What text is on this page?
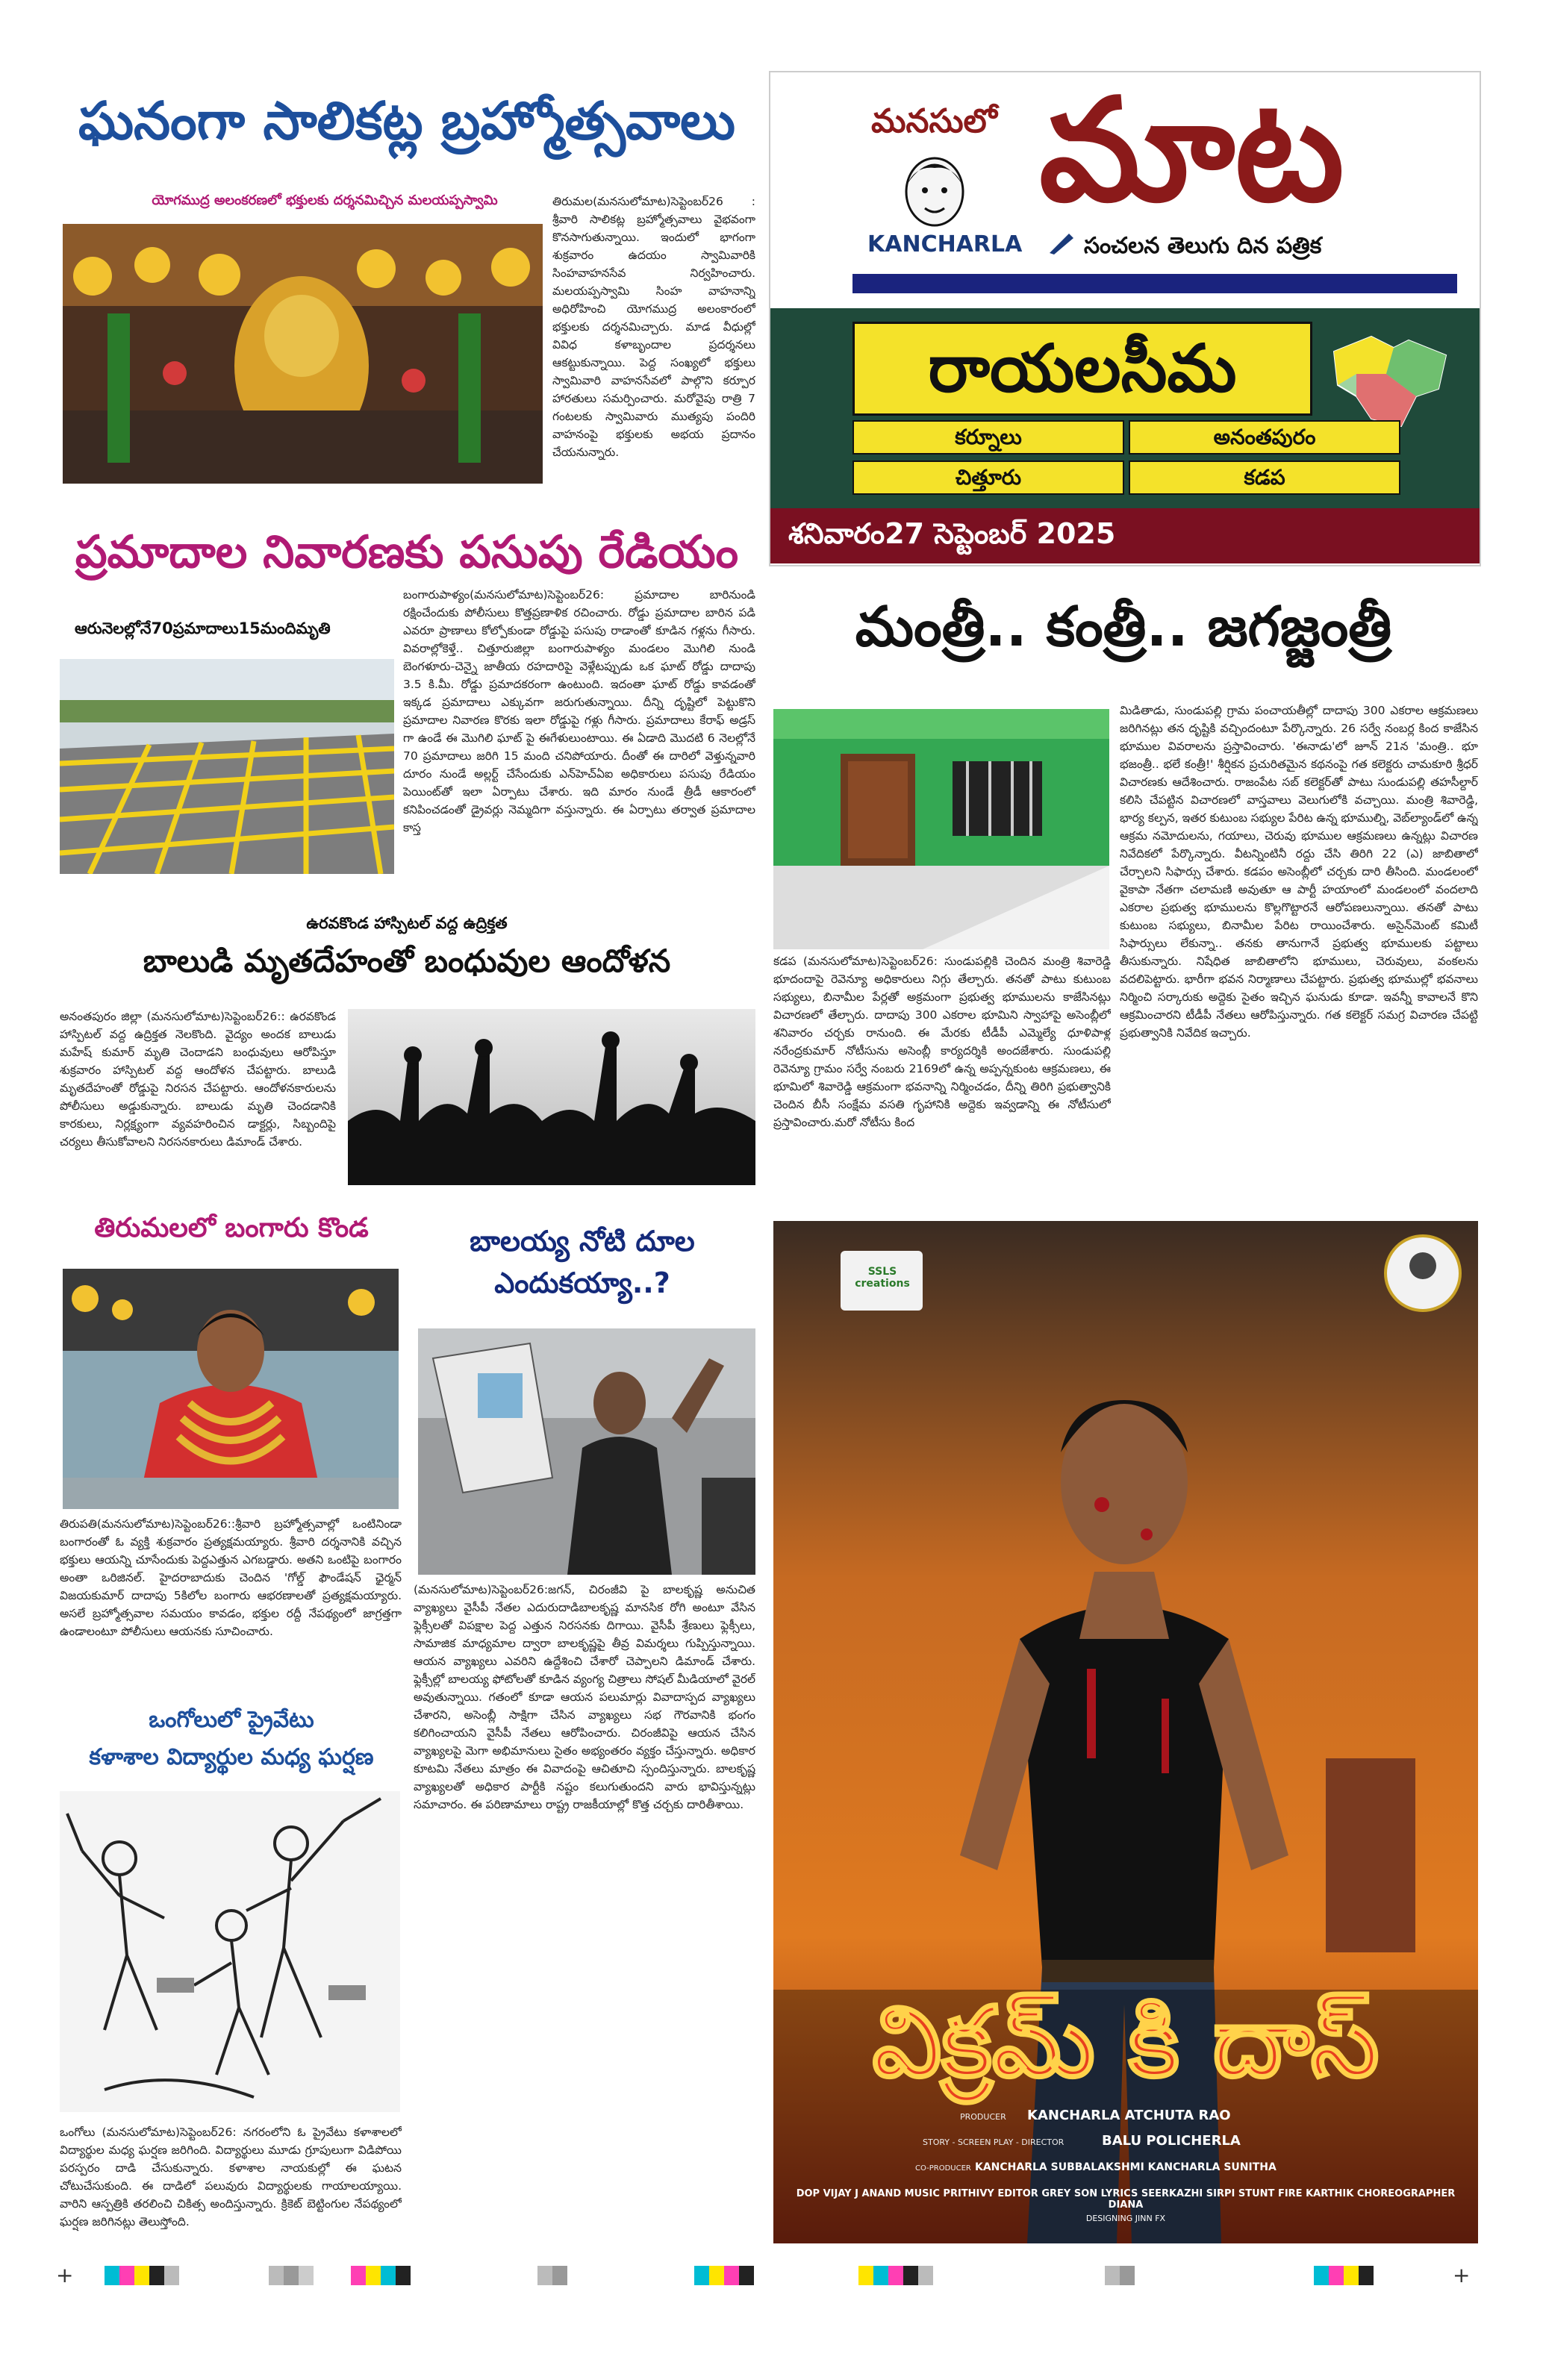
ఘనంగా సాలికట్ల బ్రహ్మోత్సవాలు
యోగముద్ర అలంకరణలో భక్తులకు దర్శనమిచ్చిన మలయప్పస్వామి	తిరుమల(మనసులోమాట)సెప్టెంబర్26 : శ్రీవారి సాలికట్ల బ్రహ్మోత్సవాలు వైభవంగా కొనసాగుతున్నాయి. ఇందులో భాగంగా శుక్రవారం ఉదయం స్వామివారికి సింహవాహనసేవ నిర్వహించారు. మలయప్పస్వామి సింహ వాహనాన్ని అధిరోహించి యోగముద్ర అలంకారంలో భక్తులకు దర్శనమిచ్చారు. మాడ వీధుల్లో వివిధ కళాబృందాల ప్రదర్శనలు ఆకట్టుకున్నాయి. పెద్ద సంఖ్యలో భక్తులు స్వామివారి వాహనసేవలో పాల్గొని కర్పూర హారతులు సమర్పించారు. మరోవైపు రాత్రి 7 గంటలకు స్వామివారు ముత్యపు పందిరి వాహనంపై భక్తులకు అభయ ప్రదానం చేయనున్నారు.

మనసులో మాట
KANCHARLA	సంచలన తెలుగు దిన పత్రిక
రాయలసీమ
కర్నూలు	అనంతపురం
చిత్తూరు	కడప
శనివారం27 సెప్టెంబర్ 2025
ప్రమాదాల నివారణకు పసుపు రేడియం
ఆరునెలల్లోనే70ప్రమాదాలు15మందిమృతి

బంగారుపాళ్యం(మనసులోమాట)సెప్టెంబర్26: ప్రమాదాల బారినుండి రక్షించేందుకు పోలీసులు కొత్తప్రణాళిక రచించారు. రోడ్డు ప్రమాదాల బారిన పడి ఎవరూ ప్రాణాలు కోల్పోకుండా రోడ్డుపై పసుపు రాడాంతో కూడిన గళ్లను గీసారు. వివరాల్లోకెళ్తే.. చిత్తూరుజిల్లా బంగారుపాళ్యం మండలం మొగిలి నుండి బెంగళూరు-చెన్నై జాతీయ రహదారిపై వెళ్లేటప్పుడు ఒక ఘాట్ రోడ్డు దాదాపు 3.5 కి.మీ. రోడ్డు ప్రమాదకరంగా ఉంటుంది. ఇదంతా ఘాట్ రోడ్డు కావడంతో ఇక్కడ ప్రమాదాలు ఎక్కువగా జరుగుతున్నాయి. దీన్ని దృష్టిలో పెట్టుకొని ప్రమాదాల నివారణ కొరకు ఇలా రోడ్డుపై గళ్లు గీసారు. ప్రమాదాలు కేరాఫ్ అడ్రస్ గా ఉండే ఈ మొగిలి ఘాట్ పై ఈగేళులుంటాయి. ఈ ఏడాది మొదటి 6 నెలల్లోనే 70 ప్రమాదాలు జరిగి 15 మంది చనిపోయారు. దీంతో ఈ దారిలో వెళ్తున్నవారి దూరం నుండే అల్లర్ట్ చేసేందుకు ఎన్‌హెచ్ఏఐ అధికారులు పసుపు రేడియం పెయింట్‌తో ఇలా ఏర్పాటు చేశారు. ఇది మారం నుండే త్రీడీ ఆకారంలో కనిపించడంతో డ్రైవర్లు నెమ్మదిగా వస్తున్నారు. ఈ ఏర్పాటు తర్వాత ప్రమాదాల కాస్త

ఉరవకొండ హాస్పిటల్ వద్ద ఉద్రిక్తత
బాలుడి మృతదేహంతో బంధువుల ఆందోళన

అనంతపురం జిల్లా (మనసులోమాట)సెప్టెంబర్26:: ఉరవకొండ హాస్పిటల్ వద్ద ఉద్రిక్తత నెలకొంది. వైద్యం అందక బాలుడు మహేష్ కుమార్ మృతి చెందాడని బంధువులు ఆరోపిస్తూ శుక్రవారం హాస్పిటల్ వద్ద ఆందోళన చేపట్టారు. బాలుడి మృతదేహంతో రోడ్డుపై నిరసన చేపట్టారు. ఆందోళనకారులను పోలీసులు అడ్డుకున్నారు. బాలుడు మృతి చెందడానికి కారకులు, నిర్లక్ష్యంగా వ్యవహరించిన డాక్టర్లు, సిబ్బందిపై చర్యలు తీసుకోవాలని నిరసనకారులు డిమాండ్ చేశారు.

మంత్రీ.. కంత్రీ.. జగజ్జంత్రీ

కడప (మనసులోమాట)సెప్టెంబర్26: సుండుపల్లికి చెందిన మంత్రి శివారెడ్డి భూదందాపై రెవెన్యూ అధికారులు నిగ్గు తేల్చారు. తనతో పాటు కుటుంబ సభ్యులు, బినామీల పేర్లతో అక్రమంగా ప్రభుత్వ భూములను కాజేసినట్లు విచారణలో తేల్చారు. దాదాపు 300 ఎకరాల భూమిని స్వాహాపై అసెంబ్లీలో శనివారం చర్చకు రానుంది. ఈ మేరకు టీడీపీ ఎమ్మెల్యే ధూళిపాళ్ల నరేంద్రకుమార్ నోటీసును అసెంబ్లీ కార్యదర్శికి అందజేశారు. సుండుపల్లి రెవెన్యూ గ్రామం సర్వే నంబరు 2169లో ఉన్న అప్పన్నకుంట ఆక్రమణలు, ఈ భూమిలో శివారెడ్డి ఆక్రమంగా భవనాన్ని నిర్మించడం, దీన్ని తిరిగి ప్రభుత్వానికి చెందిన బీసీ సంక్షేమ వసతి గృహానికి అద్దెకు ఇవ్వడాన్ని ఈ నోటీసులో ప్రస్తావించారు.మరో నోటీసు కింద

మిడితాడు, సుండుపల్లి గ్రామ పంచాయతీల్లో దాదాపు 300 ఎకరాల ఆక్రమణలు జరిగినట్లు తన దృష్టికి వచ్చిందంటూ పేర్కొన్నారు. 26 సర్వే నంబర్ల కింద కాజేసిన భూముల వివరాలను ప్రస్తావించారు. 'ఈనాడు'లో జూన్ 21న 'మంత్రి.. భూ భజంత్రీ.. భలే కంత్రీ!' శీర్షికన ప్రచురితమైన కథనంపై గత కలెక్టరు చామకూరి శ్రీధర్ విచారణకు ఆదేశించారు. రాజంపేట సబ్ కలెక్టర్‌తో పాటు సుండుపల్లి తహసీల్దార్ కలిసి చేపట్టిన విచారణలో వాస్తవాలు వెలుగులోకి వచ్చాయి. మంత్రి శివారెడ్డి, భార్య కల్పన, ఇతర కుటుంబ సభ్యుల పేరిట ఉన్న భూముల్ని, వెబ్‌ల్యాండ్‌లో ఉన్న ఆక్రమ నమోదులను, గయాలు, చెరువు భూముల ఆక్రమణలు ఉన్నట్లు విచారణ నివేదికలో పేర్కొన్నారు. వీటన్నింటినీ రద్దు చేసి తిరిగి 22 (ఎ) జాబితాలో చేర్చాలని సిఫార్సు చేశారు. కడపం అసెంబ్లీలో చర్చకు దారి తీసింది. మండలంలో వైకాపా నేతగా చలామణి అవుతూ ఆ పార్టీ హయాంలో మండలంలో వందలాది ఎకరాల ప్రభుత్వ భూములను కొల్లగొట్టారనే ఆరోపణలున్నాయి. తనతో పాటు కుటుంబ సభ్యులు, బినామీల పేరిట రాయించేశారు. అసైన్‌మెంట్ కమిటీ సిఫార్సులు లేకున్నా.. తనకు తానుగానే ప్రభుత్వ భూములకు పట్టాలు తీసుకున్నారు. నిషేధిత జాబితాలోని భూములు, చెరువులు, వంకలను వదలిపెట్టారు. భారీగా భవన నిర్మాణాలు చేపట్టారు. ప్రభుత్వ భూముల్లో భవనాలు నిర్మించి సర్కారుకు అద్దెకు సైతం ఇచ్చిన ఘనుడు కూడా. ఇవన్నీ కావాలనే కొని ఆక్రమించారని టీడీపీ నేతలు ఆరోపిస్తున్నారు. గత కలెక్టర్ సమగ్ర విచారణ చేపట్టి ప్రభుత్వానికి నివేదిక ఇచ్చారు.

తిరుమలలో బంగారు కొండ

తిరుపతి(మనసులోమాట)సెప్టెంబర్26::శ్రీవారి బ్రహ్మోత్సవాల్లో ఒంటినిండా బంగారంతో ఓ వ్యక్తి శుక్రవారం ప్రత్యక్షమయ్యారు. శ్రీవారి దర్శనానికి వచ్చిన భక్తులు ఆయన్ని చూసేందుకు పెద్దఎత్తున ఎగబడ్డారు. అతని ఒంటిపై బంగారం అంతా ఒరిజినల్. హైదరాబాదుకు చెందిన 'గోల్డ్ ఫౌండేషన్ ఛైర్మన్ విజయకుమార్ దాదాపు 5కిలోల బంగారు ఆభరణాలతో ప్రత్యక్షమయ్యారు. అసలే బ్రహ్మోత్సవాల సమయం కావడం, భక్తుల రద్దీ నేపథ్యంలో జాగ్రత్తగా ఉండాలంటూ పోలీసులు ఆయనకు సూచించారు.

బాలయ్య నోటి దూల
ఎందుకయ్యా..?

(మనసులోమాట)సెప్టెంబర్26:జగన్, చిరంజీవి పై బాలకృష్ణ అనుచిత వ్యాఖ్యలు వైసీపీ నేతల ఎదురుదాడిబాలకృష్ణ మానసిక రోగి అంటూ వేసిన ఫ్లెక్సీలతో విపక్షాల పెద్ద ఎత్తున నిరసనకు దిగాయి. వైసీపీ శ్రేణులు ఫ్లెక్సీలు, సామాజిక మాధ్యమాల ద్వారా బాలకృష్ణపై తీవ్ర విమర్శలు గుప్పిస్తున్నాయి. ఆయన వ్యాఖ్యలు ఎవరిని ఉద్దేశించి చేశారో చెప్పాలని డిమాండ్ చేశారు. ఫ్లెక్సీల్లో బాలయ్య ఫోటోలతో కూడిన వ్యంగ్య చిత్రాలు సోషల్ మీడియాలో వైరల్ అవుతున్నాయి. గతంలో కూడా ఆయన పలుమార్లు వివాదాస్పద వ్యాఖ్యలు చేశారని, అసెంబ్లీ సాక్షిగా చేసిన వ్యాఖ్యలు సభ గౌరవానికి భంగం కలిగించాయని వైసీపీ నేతలు ఆరోపించారు. చిరంజీవిపై ఆయన చేసిన వ్యాఖ్యలపై మెగా అభిమానులు సైతం అభ్యంతరం వ్యక్తం చేస్తున్నారు. అధికార కూటమి నేతలు మాత్రం ఈ వివాదంపై ఆచితూచి స్పందిస్తున్నారు. బాలకృష్ణ వ్యాఖ్యలతో అధికార పార్టీకి నష్టం కలుగుతుందని వారు భావిస్తున్నట్లు సమాచారం. ఈ పరిణామాలు రాష్ట్ర రాజకీయాల్లో కొత్త చర్చకు దారితీశాయి.

ఒంగోలులో ప్రైవేటు
కళాశాల విద్యార్థుల మధ్య ఘర్షణ

ఒంగోలు (మనసులోమాట)సెప్టెంబర్26: నగరంలోని ఓ ప్రైవేటు కళాశాలలో విద్యార్థుల మధ్య ఘర్షణ జరిగింది. విద్యార్థులు మూడు గ్రూపులుగా విడిపోయి పరస్పరం దాడి చేసుకున్నారు. కళాశాల నాయకుల్లో ఈ ఘటన చోటుచేసుకుంది. ఈ దాడిలో పలువురు విద్యార్థులకు గాయాలయ్యాయి. వారిని ఆస్పత్రికి తరలించి చికిత్స అందిస్తున్నారు. క్రికెట్ బెట్టింగుల నేపథ్యంలో ఘర్షణ జరిగినట్లు తెలుస్తోంది.

SSLS creations
విక్రమ్ కి దాస్
PRODUCER KANCHARLA ATCHUTA RAO
STORY - SCREEN PLAY - DIRECTOR	BALU POLICHERLA
CO-PRODUCER KANCHARLA SUBBALAKSHMI KANCHARLA SUNITHA
DOP VIJAY J ANAND MUSIC PRITHIVY EDITOR GREY SON LYRICS SEERKAZHI SIRPI STUNT FIRE KARTHIK CHOREOGRAPHER DIANA
DESIGNING JINN FX
+	+
